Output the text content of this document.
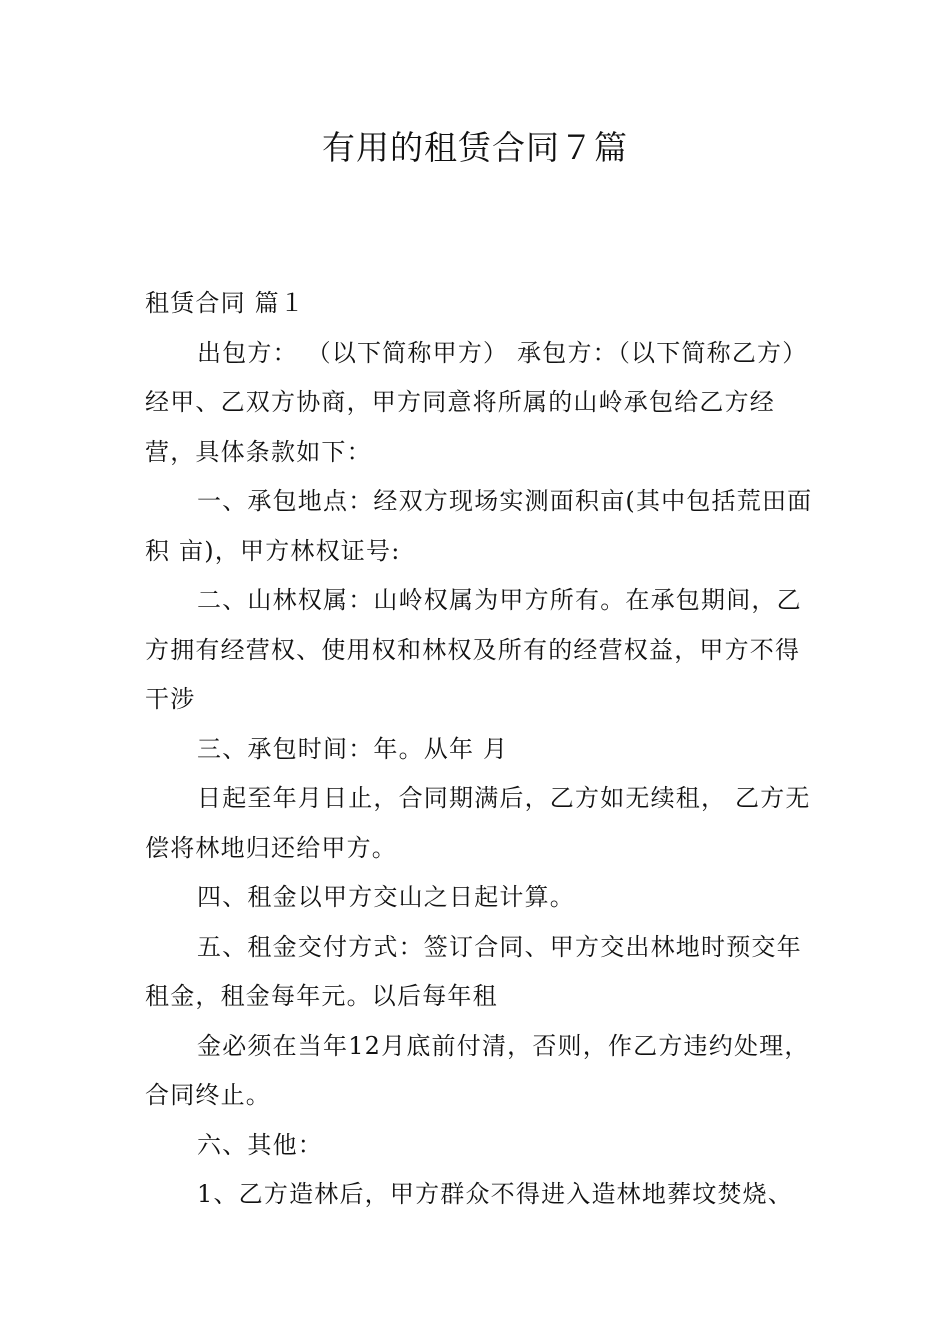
有用的租赁合同７篇

租赁合同 篇１

出包方： （以下简称甲方） 承包方：（以下简称乙方）经甲、乙双方协商，甲方同意将所属的山岭承包给乙方经营，具体条款如下：

一、承包地点：经双方现场实测面积亩(其中包括荒田面积 亩)，甲方林权证号:

二、山林权属：山岭权属为甲方所有。在承包期间，乙方拥有经营权、使用权和林权及所有的经营权益，甲方不得干涉

三、承包时间：年。从年 月

日起至年月日止，合同期满后，乙方如无续租， 乙方无偿将林地归还给甲方。

四、租金以甲方交山之日起计算。

五、租金交付方式：签订合同、甲方交出林地时预交年租金，租金每年元。以后每年租

金必须在当年12月底前付清，否则，作乙方违约处理，合同终止。

六、其他：

1、乙方造林后，甲方群众不得进入造林地葬坟焚烧、
